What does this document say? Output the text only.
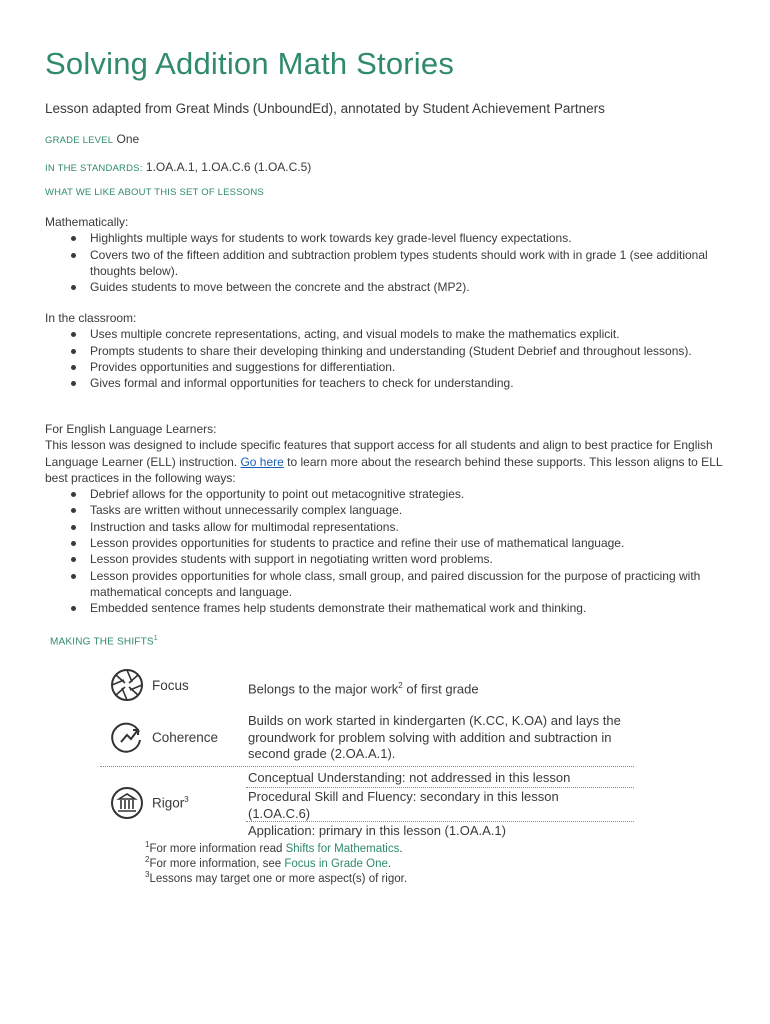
Solving Addition Math Stories
Lesson adapted from Great Minds (UnboundEd), annotated by Student Achievement Partners
GRADE LEVEL One
IN THE STANDARDS: 1.OA.A.1, 1.OA.C.6 (1.OA.C.5)
WHAT WE LIKE ABOUT THIS SET OF LESSONS

Mathematically:

Highlights multiple ways for students to work towards key grade-level fluency expectations.
Covers two of the fifteen addition and subtraction problem types students should work with in grade 1 (see additional thoughts below).
Guides students to move between the concrete and the abstract (MP2).

In the classroom:

Uses multiple concrete representations, acting, and visual models to make the mathematics explicit.
Prompts students to share their developing thinking and understanding (Student Debrief and throughout lessons).
Provides opportunities and suggestions for differentiation.
Gives formal and informal opportunities for teachers to check for understanding.

For English Language Learners:

This lesson was designed to include specific features that support access for all students and align to best practice for English Language Learner (ELL) instruction. Go here to learn more about the research behind these supports. This lesson aligns to ELL best practices in the following ways:

Debrief allows for the opportunity to point out metacognitive strategies.
Tasks are written without unnecessarily complex language.
Instruction and tasks allow for multimodal representations.
Lesson provides opportunities for students to practice and refine their use of mathematical language.
Lesson provides students with support in negotiating written word problems.
Lesson provides opportunities for whole class, small group, and paired discussion for the purpose of practicing with mathematical concepts and language.
Embedded sentence frames help students demonstrate their mathematical work and thinking.
MAKING THE SHIFTS$^1$
Focus	Belongs to the major work$^2$ of first grade
Coherence
Builds on work started in kindergarten (K.CC, K.OA) and lays the groundwork for problem solving with addition and subtraction in second grade (2.OA.A.1).
Rigor$^3$
Conceptual Understanding: not addressed in this lesson
Procedural Skill and Fluency: secondary in this lesson (1.OA.C.6)
Application: primary in this lesson (1.OA.A.1)
$^1$For more information read Shifts for Mathematics.
$^2$For more information, see Focus in Grade One.
$^3$Lessons may target one or more aspect(s) of rigor.
